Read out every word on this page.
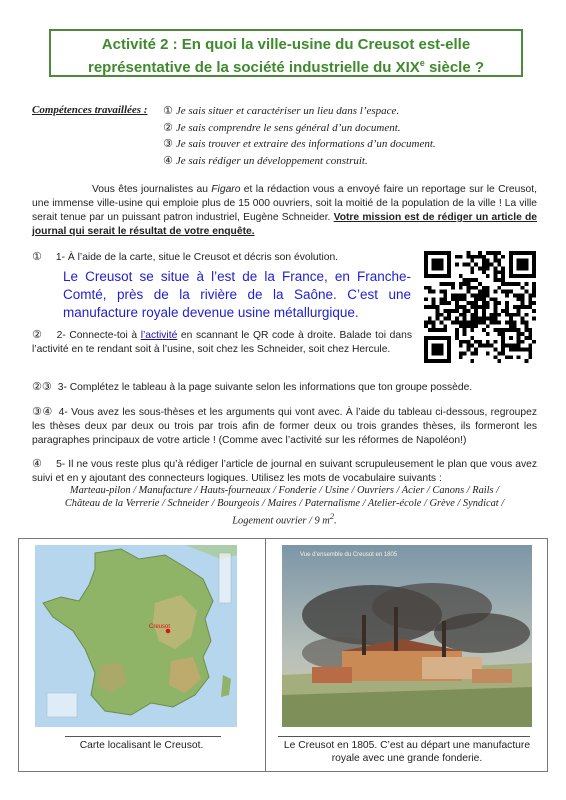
Activité 2 : En quoi la ville-usine du Creusot est-elle
représentative de la société industrielle du XIXe siècle ?
Compétences travaillées : ① Je sais situer et caractériser un lieu dans l’espace.
② Je sais comprendre le sens général d’un document.
③ Je sais trouver et extraire des informations d’un document.
④ Je sais rédiger un développement construit.
Vous êtes journalistes au Figaro et la rédaction vous a envoyé faire un reportage sur le Creusot, une immense ville-usine qui emploie plus de 15 000 ouvriers, soit la moitié de la population de la ville ! La ville serait tenue par un puissant patron industriel, Eugène Schneider. Votre mission est de rédiger un article de journal qui serait le résultat de votre enquête.
① 1- À l’aide de la carte, situe le Creusot et décris son évolution.
Le Creusot se situe à l’est de la France, en Franche-Comté, près de la rivière de la Saône. C’est une manufacture royale devenue usine métallurgique.
② 2- Connecte-toi à l’activité en scannant le QR code à droite. Balade toi dans l’activité en te rendant soit à l’usine, soit chez les Schneider, soit chez Hercule.
②③ 3- Complétez le tableau à la page suivante selon les informations que ton groupe possède.
③④ 4- Vous avez les sous-thèses et les arguments qui vont avec. À l’aide du tableau ci-dessous, regroupez les thèses deux par deux ou trois par trois afin de former deux ou trois grandes thèses, ils formeront les paragraphes principaux de votre article ! (Comme avec l’activité sur les réformes de Napoléon!)
④ 5- Il ne vous reste plus qu’à rédiger l’article de journal en suivant scrupuleusement le plan que vous avez suivi et en y ajoutant des connecteurs logiques. Utilisez les mots de vocabulaire suivants :
Marteau-pilon / Manufacture / Hauts-fourneaux / Fonderie / Usine / Ouvriers / Acier / Canons / Rails /
Château de la Verrerie / Schneider / Bourgeois / Maires / Paternalisme / Atelier-école / Grève / Syndicat /
Logement ouvrier / 9 $m^2$.
Creusot
Carte localisant le Creusot.
Vue d’ensemble du Creusot en 1805
Le Creusot en 1805. C’est au départ une manufacture royale avec une grande fonderie.
